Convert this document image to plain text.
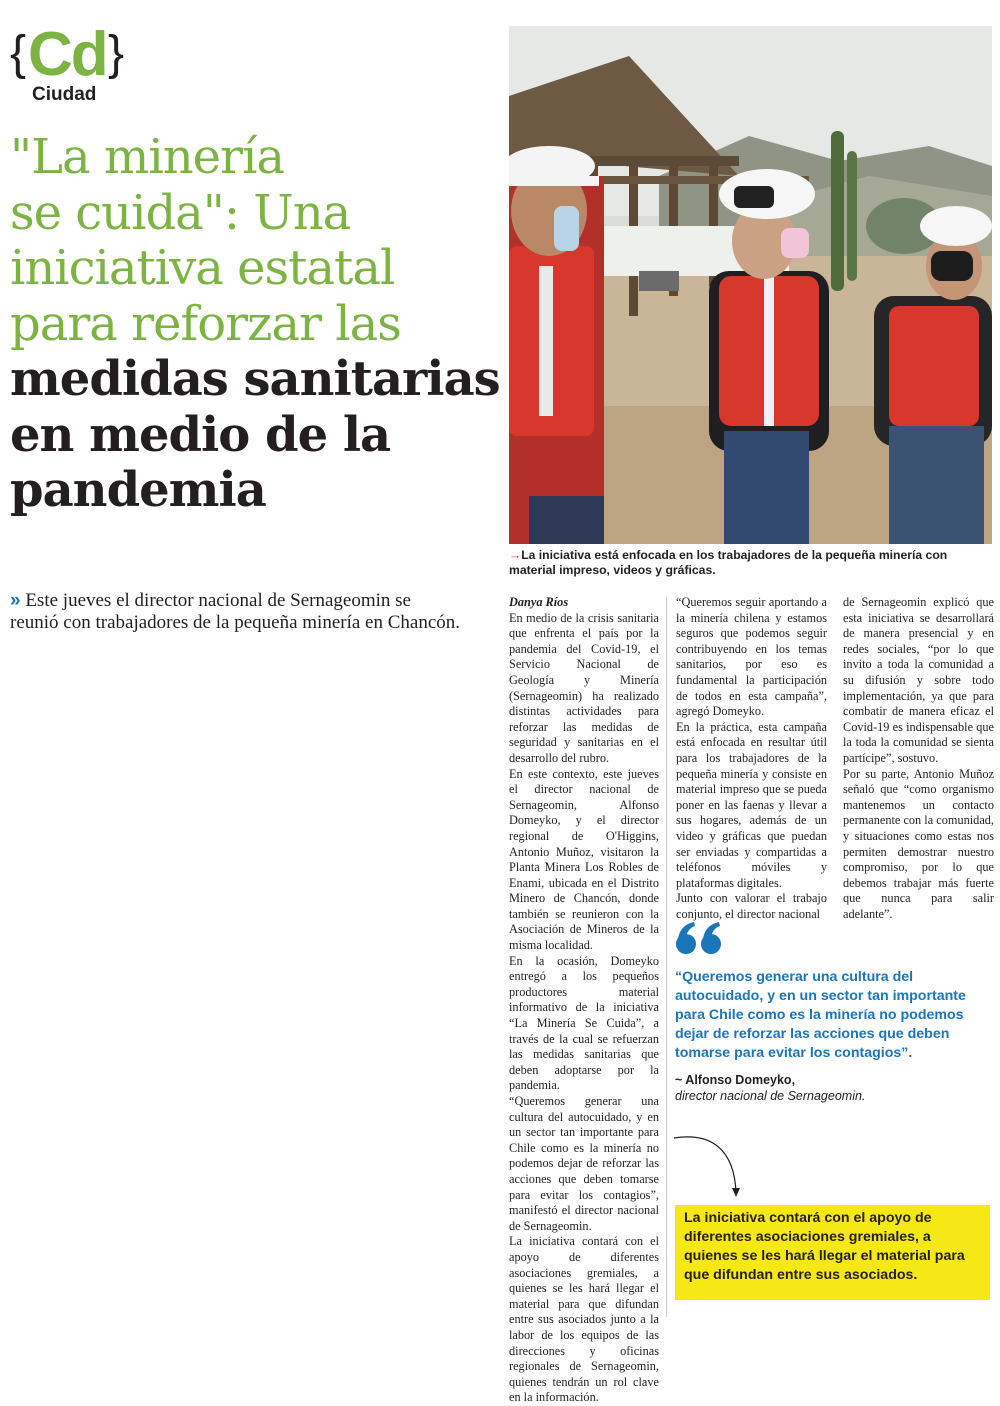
{ Cd }
Ciudad
"La minería
se cuida": Una
iniciativa estatal
para reforzar las
medidas sanitarias
en medio de la
pandemia
» Este jueves el director nacional de Sernageomin se reunió con trabajadores de la pequeña minería en Chancón.
→La iniciativa está enfocada en los trabajadores de la pequeña minería con material impreso, videos y gráficas.

Danya Ríos

En medio de la crisis sanitaria que enfrenta el país por la pandemia del Covid-19, el Servicio Nacional de Geología y Minería (Sernageomin) ha realizado distintas actividades para reforzar las medidas de seguridad y sanitarias en el desarrollo del rubro.

En este contexto, este jueves el director nacional de Sernageomin, Alfonso Domeyko, y el director regional de O'Higgins, Antonio Muñoz, visitaron la Planta Minera Los Robles de Enami, ubicada en el Distrito Minero de Chancón, donde también se reunieron con la Asociación de Mineros de la misma localidad.

En la ocasión, Domeyko entregó a los pequeños productores material informativo de la iniciativa “La Minería Se Cuida”, a través de la cual se refuerzan las medidas sanitarias que deben adoptarse por la pandemia.

“Queremos generar una cultura del autocuidado, y en un sector tan importante para Chile como es la minería no podemos dejar de reforzar las acciones que deben tomarse para evitar los contagios”, manifestó el director nacional de Sernageomin.

La iniciativa contará con el apoyo de diferentes asociaciones gremiales, a quienes se les hará llegar el material para que difundan entre sus asociados junto a la labor de los equipos de las direcciones y oficinas regionales de Sernageomin, quienes tendrán un rol clave en la información.

“Queremos seguir aportando a la minería chilena y estamos seguros que podemos seguir contribuyendo en los temas sanitarios, por eso es fundamental la participación de todos en esta campaña”, agregó Domeyko.

En la práctica, esta campaña está enfocada en resultar útil para los trabajadores de la pequeña minería y consiste en material impreso que se pueda poner en las faenas y llevar a sus hogares, además de un video y gráficas que puedan ser enviadas y compartidas a teléfonos móviles y plataformas digitales.

Junto con valorar el trabajo conjunto, el director nacional

de Sernageomin explicó que esta iniciativa se desarrollará de manera presencial y en redes sociales, “por lo que invito a toda la comunidad a su difusión y sobre todo implementación, ya que para combatir de manera eficaz el Covid-19 es indispensable que la toda la comunidad se sienta partícipe”, sostuvo.

Por su parte, Antonio Muñoz señaló que “como organismo mantenemos un contacto permanente con la comunidad, y situaciones como estas nos permiten demostrar nuestro compromiso, por lo que debemos trabajar más fuerte que nunca para salir adelante”.

“Queremos generar una cultura del autocuidado, y en un sector tan importante para Chile como es la minería no podemos dejar de reforzar las acciones que deben tomarse para evitar los contagios”.
~ Alfonso Domeyko,
director nacional de Sernageomin.
La iniciativa contará con el apoyo de diferentes asociaciones gremiales, a quienes se les hará llegar el material para que difundan entre sus asociados.
